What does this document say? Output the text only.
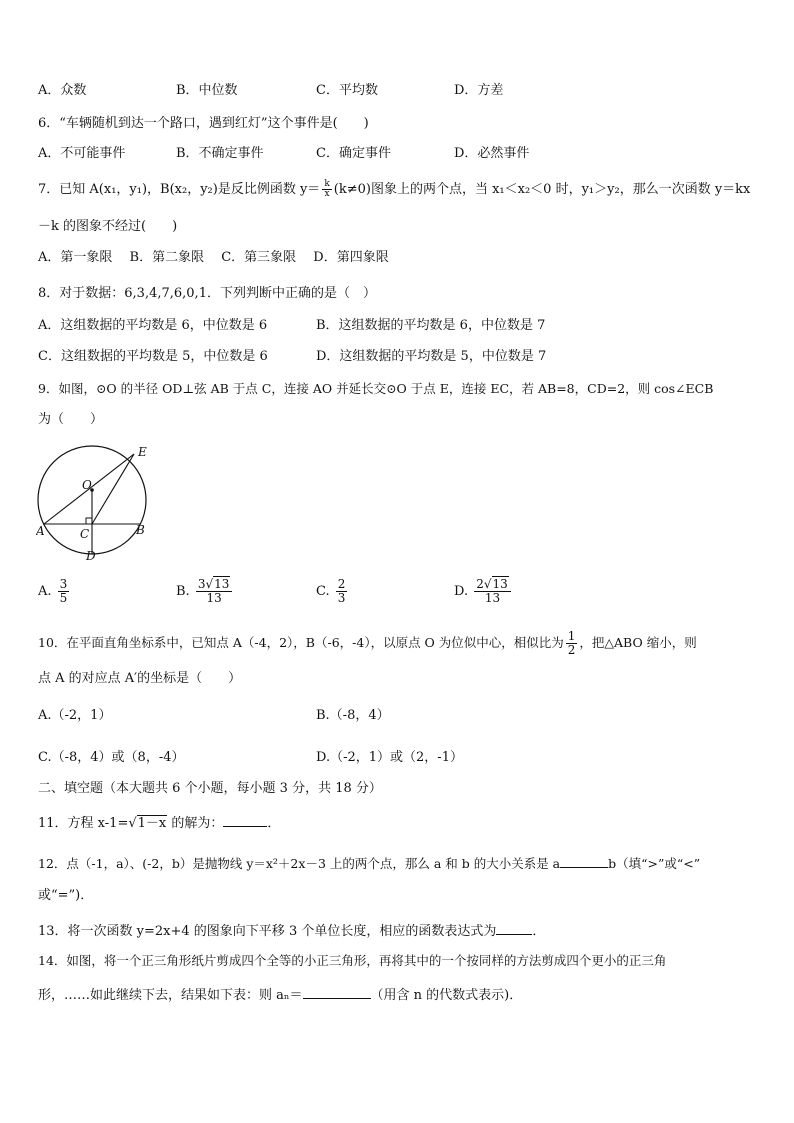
A．众数	B．中位数	C．平均数	D．方差
6．“车辆随机到达一个路口，遇到红灯”这个事件是(　　)
A．不可能事件	B．不确定事件	C．确定事件	D．必然事件
7．已知 A(x₁，y₁)，B(x₂，y₂)是反比例函数 $y= \frac{k}{x} (k\ne 0)$图象上的两个点，当 x₁＜x₂＜0 时，y₁＞y₂，那么一次函数 y＝kx
－k 的图象不经过(　　)
A．第一象限　 B．第二象限　 C．第三象限　 D．第四象限
8．对于数据：6,3,4,7,6,0,1．下列判断中正确的是（　）
A．这组数据的平均数是 6，中位数是 6	B．这组数据的平均数是 6，中位数是 7
C．这组数据的平均数是 5，中位数是 6	D．这组数据的平均数是 5，中位数是 7
9．如图，⊙O 的半径 OD⊥弦 AB 于点 C，连接 AO 并延长交⊙O 于点 E，连接 EC，若 AB=8，CD=2，则 cos∠ECB
为（　　）
E
O
A	C	B
D
A. $\frac{3}{5}$	B. $\frac{3√13}{13}$	C. $\frac{2}{3}$	D. $\frac{2√13}{13}$
10．在平面直角坐标系中，已知点 A（-4，2），B（-6，-4），以原点 O 为位似中心，相似比为 $\frac{1}{2}$ ，把△ABO 缩小，则
点 A 的对应点 A′的坐标是（　　）
A.（-2，1）	B.（-8，4）
C.（-8，4）或（8，-4）	D.（-2，1）或（2，-1）
二、填空题（本大题共 6 个小题，每小题 3 分，共 18 分）
11．方程 x-1=√1－x 的解为：	．
12．点（-1，a）、(-2，b）是抛物线 y＝x²＋2x－3 上的两个点，那么 a 和 b 的大小关系是 a	b（填“>”或“<”
或“=”)．
13．将一次函数 y=2x+4 的图象向下平移 3 个单位长度，相应的函数表达式为	．
14．如图，将一个正三角形纸片剪成四个全等的小正三角形，再将其中的一个按同样的方法剪成四个更小的正三角
形，……如此继续下去，结果如下表：则 aₙ＝	（用含 n 的代数式表示)．
